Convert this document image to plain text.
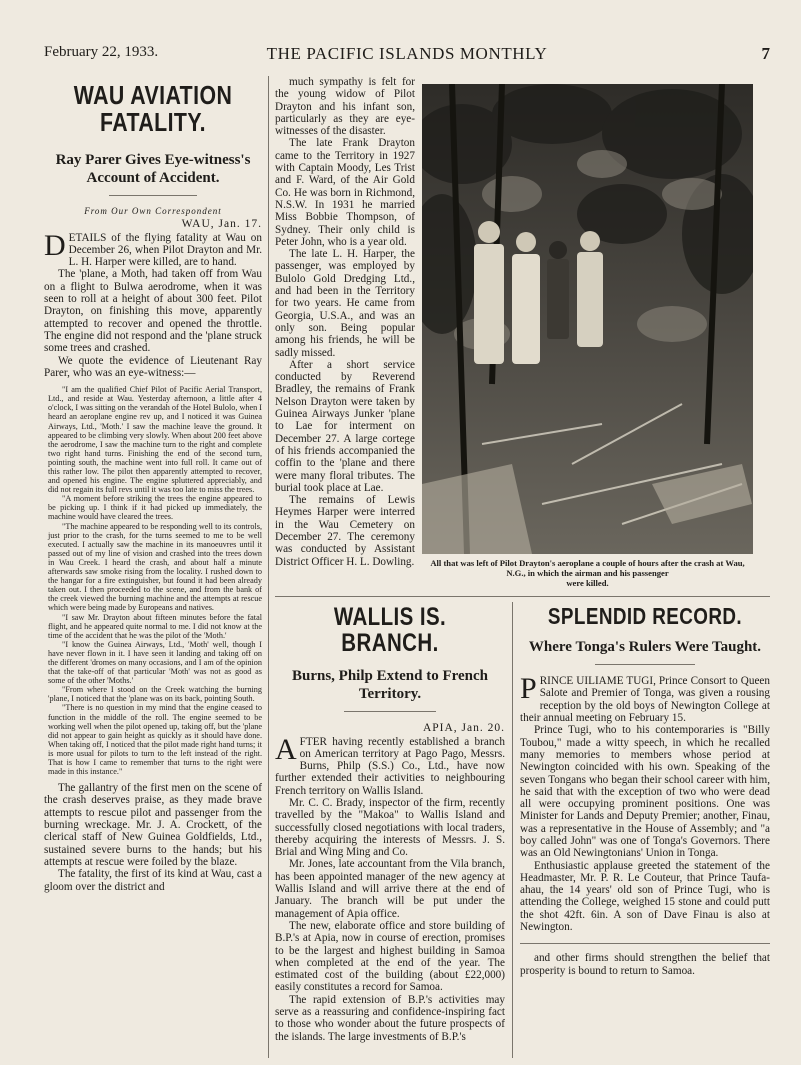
February 22, 1933.	THE PACIFIC ISLANDS MONTHLY	7
WAU AVIATION FATALITY.
Ray Parer Gives Eye-witness's Account of Accident.
From Our Own Correspondent
WAU, Jan. 17.

DETAILS of the flying fatality at Wau on December 26, when Pilot Drayton and Mr. L. H. Harper were killed, are to hand.

The 'plane, a Moth, had taken off from Wau on a flight to Bulwa aerodrome, when it was seen to roll at a height of about 300 feet. Pilot Drayton, on finishing this move, apparently attempted to recover and opened the throttle. The engine did not respond and the 'plane struck some trees and crashed.

We quote the evidence of Lieutenant Ray Parer, who was an eye-witness:—

"I am the qualified Chief Pilot of Pacific Aerial Transport, Ltd., and reside at Wau. Yesterday afternoon, a little after 4 o'clock, I was sitting on the verandah of the Hotel Bulolo, when I heard an aeroplane engine rev up, and I noticed it was Guinea Airways, Ltd., 'Moth.' I saw the machine leave the ground. It appeared to be climbing very slowly. When about 200 feet above the aerodrome, I saw the machine turn to the right and complete two right hand turns. Finishing the end of the second turn, pointing south, the machine went into full roll. It came out of this rather low. The pilot then apparently attempted to recover, and opened his engine. The engine spluttered appreciably, and did not regain its full revs until it was too late to miss the trees.

"A moment before striking the trees the engine appeared to be picking up. I think if it had picked up immediately, the machine would have cleared the trees.

"The machine appeared to be responding well to its controls, just prior to the crash, for the turns seemed to me to be well executed. I actually saw the machine in its manoeuvres until it passed out of my line of vision and crashed into the trees down in Wau Creek. I heard the crash, and about half a minute afterwards saw smoke rising from the locality. I rushed down to the hangar for a fire extinguisher, but found it had been already taken out. I then proceeded to the scene, and from the bank of the creek viewed the burning machine and the attempts at rescue which were being made by Europeans and natives.

"I saw Mr. Drayton about fifteen minutes before the fatal flight, and he appeared quite normal to me. I did not know at the time of the accident that he was the pilot of the 'Moth.'

"I know the Guinea Airways, Ltd., 'Moth' well, though I have never flown in it. I have seen it landing and taking off on the different 'dromes on many occasions, and I am of the opinion that the take-off of that particular 'Moth' was not as good as some of the other 'Moths.'

"From where I stood on the Creek watching the burning 'plane, I noticed that the 'plane was on its back, pointing South.

"There is no question in my mind that the engine ceased to function in the middle of the roll. The engine seemed to be working well when the pilot opened up, taking off, but the 'plane did not appear to gain height as quickly as it should have done. When taking off, I noticed that the pilot made right hand turns; it is more usual for pilots to turn to the left instead of the right. That is how I came to remember that turns to the right were made in this instance."

The gallantry of the first men on the scene of the crash deserves praise, as they made brave attempts to rescue pilot and passenger from the burning wreckage. Mr. J. A. Crockett, of the clerical staff of New Guinea Goldfields, Ltd., sustained severe burns to the hands; but his attempts at rescue were foiled by the blaze.

The fatality, the first of its kind at Wau, cast a gloom over the district and

much sympathy is felt for the young widow of Pilot Drayton and his infant son, particularly as they are eye-witnesses of the disaster.

The late Frank Drayton came to the Territory in 1927 with Captain Moody, Les Trist and F. Ward, of the Air Gold Co. He was born in Richmond, N.S.W. In 1931 he married Miss Bobbie Thompson, of Sydney. Their only child is Peter John, who is a year old.

The late L. H. Harper, the passenger, was employed by Bulolo Gold Dredging Ltd., and had been in the Territory for two years. He came from Georgia, U.S.A., and was an only son. Being popular among his friends, he will be sadly missed.

After a short service conducted by Reverend Bradley, the remains of Frank Nelson Drayton were taken by Guinea Airways Junker 'plane to Lae for interment on December 27. A large cortege of his friends accompanied the coffin to the 'plane and there were many floral tributes. The burial took place at Lae.

The remains of Lewis Heymes Harper were interred in the Wau Cemetery on December 27. The ceremony was conducted by Assistant District Officer H. L. Dowling.	All that was left of Pilot Drayton's aeroplane a couple of hours after the crash at Wau, N.G., in which the airman and his passenger
were killed.
WALLIS IS. BRANCH.
Burns, Philp Extend to French Territory.
APIA, Jan. 20.

AFTER having recently established a branch on American territory at Pago Pago, Messrs. Burns, Philp (S.S.) Co., Ltd., have now further extended their activities to neighbouring French territory on Wallis Island.

Mr. C. C. Brady, inspector of the firm, recently travelled by the "Makoa" to Wallis Island and successfully closed negotiations with local traders, thereby acquiring the interests of Messrs. J. S. Brial and Wing Ming and Co.

Mr. Jones, late accountant from the Vila branch, has been appointed manager of the new agency at Wallis Island and will arrive there at the end of January. The branch will be put under the management of Apia office.

The new, elaborate office and store building of B.P.'s at Apia, now in course of erection, promises to be the largest and highest building in Samoa when completed at the end of the year. The estimated cost of the building (about £22,000) easily constitutes a record for Samoa.

The rapid extension of B.P.'s activities may serve as a reassuring and confidence-inspiring fact to those who wonder about the future prospects of the islands. The large investments of B.P.'s

SPLENDID RECORD.
Where Tonga's Rulers Were Taught.

PRINCE UILIAME TUGI, Prince Consort to Queen Salote and Premier of Tonga, was given a rousing reception by the old boys of Newington College at their annual meeting on February 15.

Prince Tugi, who to his contemporaries is "Billy Toubou," made a witty speech, in which he recalled many memories to members whose period at Newington coincided with his own. Speaking of the seven Tongans who began their school career with him, he said that with the exception of two who were dead all were occupying prominent positions. One was Minister for Lands and Deputy Premier; another, Finau, was a representative in the House of Assembly; and "a boy called John" was one of Tonga's Governors. There was an Old Newingtonians' Union in Tonga.

Enthusiastic applause greeted the statement of the Headmaster, Mr. P. R. Le Couteur, that Prince Taufa-ahau, the 14 years' old son of Prince Tugi, who is attending the College, weighed 15 stone and could putt the shot 42ft. 6in. A son of Dave Finau is also at Newington.

and other firms should strengthen the belief that prosperity is bound to return to Samoa.
